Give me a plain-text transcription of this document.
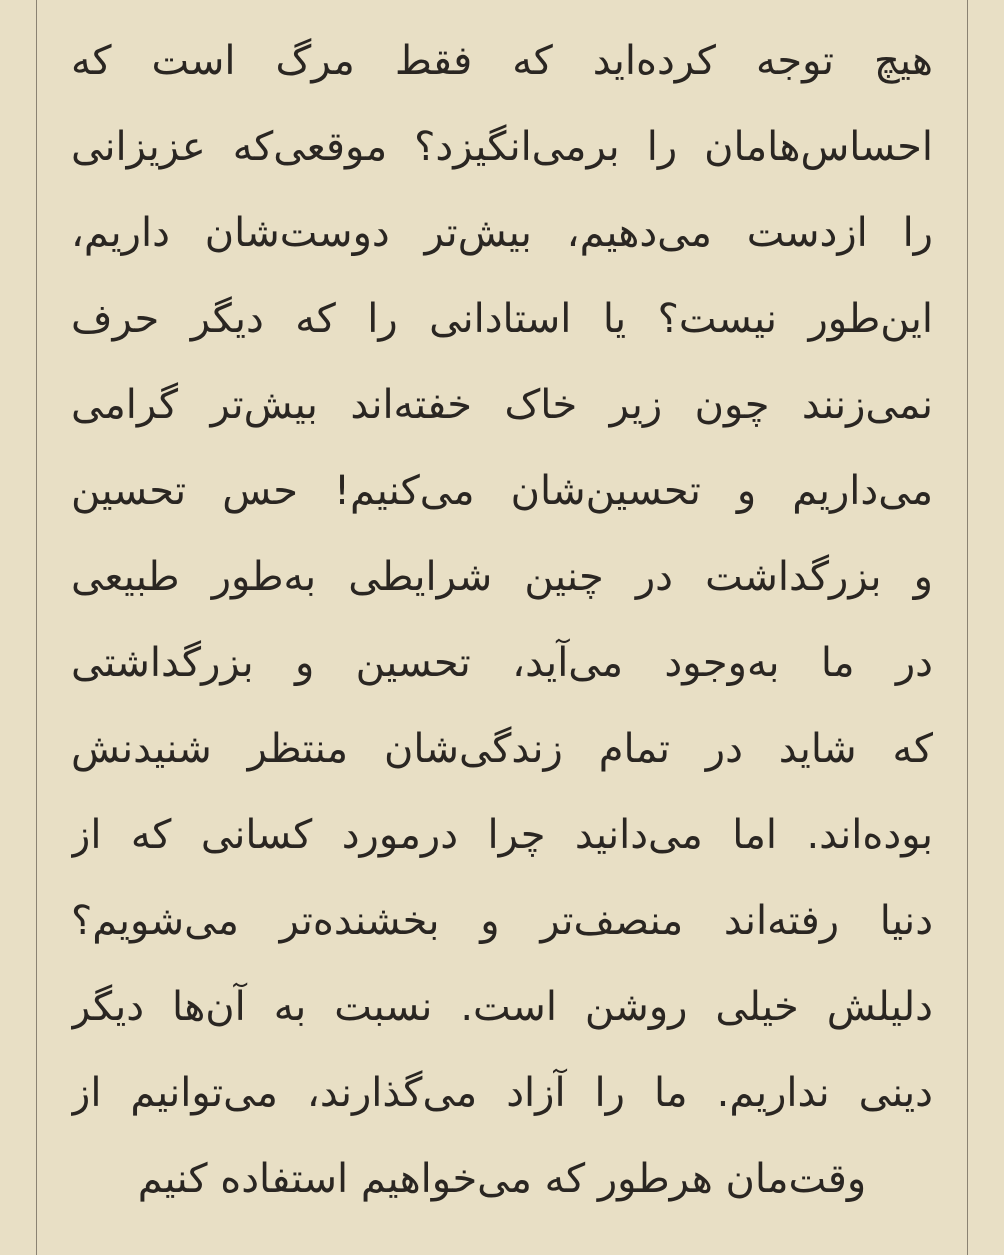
هیچ توجه کرده‌اید که فقط مرگ است که
احساس‌هامان را برمی‌انگیزد؟ موقعی‌که عزیزانی
را ازدست می‌دهیم، بیش‌تر دوست‌شان داریم،
این‌طور نیست؟ یا استادانی را که دیگر حرف
نمی‌زنند چون زیر خاک خفته‌اند بیش‌تر گرامی
می‌داریم و تحسین‌شان می‌کنیم! حس تحسین
و بزرگداشت در چنین شرایطی به‌طور طبیعی
در ما به‌وجود می‌آید، تحسین و بزرگداشتی
که شاید در تمام زندگی‌شان منتظر شنیدنش
بوده‌اند. اما می‌دانید چرا درمورد کسانی که از
دنیا رفته‌اند منصف‌تر و بخشنده‌تر می‌شویم؟
دلیلش خیلی روشن است. نسبت به آن‌ها دیگر
دینی نداریم. ما را آزاد می‌گذارند، می‌توانیم از
وقت‌مان هرطور که می‌خواهیم استفاده کنیم
